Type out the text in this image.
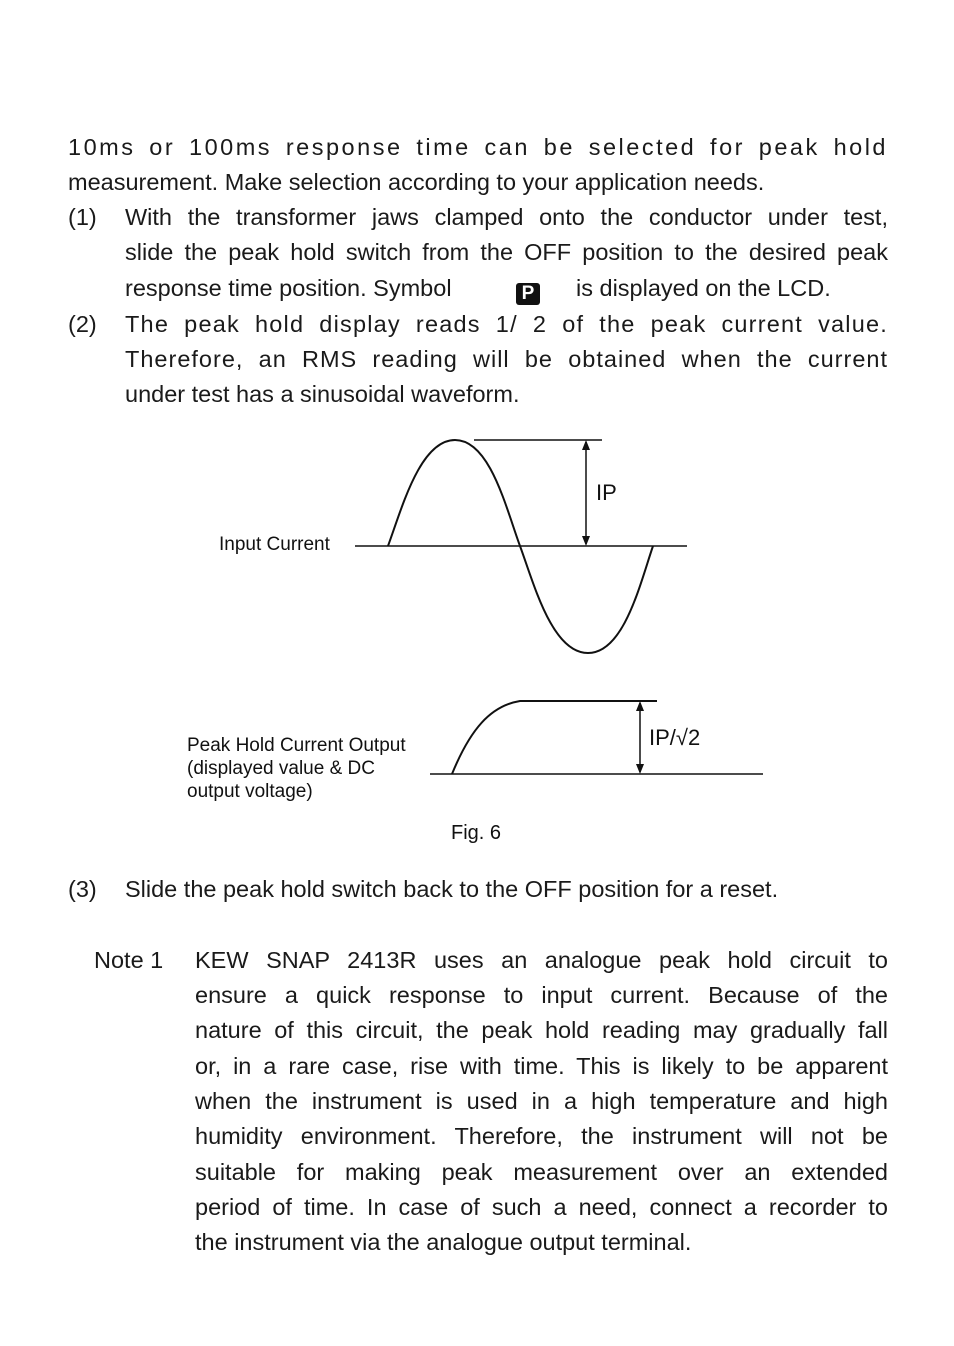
10ms or 100ms response time can be selected for peak hold
measurement. Make selection according to your application needs.
(1) With the transformer jaws clamped onto the conductor under test,
slide the peak hold switch from the OFF position to the desired peak
response time position. Symbol	P is displayed on the LCD.
(2) The peak hold display reads 1/ 2 of the peak current value.
Therefore, an RMS reading will be obtained when the current
under test has a sinusoidal waveform.
Input Current
IP
Peak Hold Current Output
(displayed value & DC
output voltage)
IP/√2
Fig. 6
(3) Slide the peak hold switch back to the OFF position for a reset.
Note 1 KEW SNAP 2413R uses an analogue peak hold circuit to
ensure a quick response to input current. Because of the
nature of this circuit, the peak hold reading may gradually fall
or, in a rare case, rise with time. This is likely to be apparent
when the instrument is used in a high temperature and high
humidity environment. Therefore, the instrument will not be
suitable for making peak measurement over an extended
period of time. In case of such a need, connect a recorder to
the instrument via the analogue output terminal.
